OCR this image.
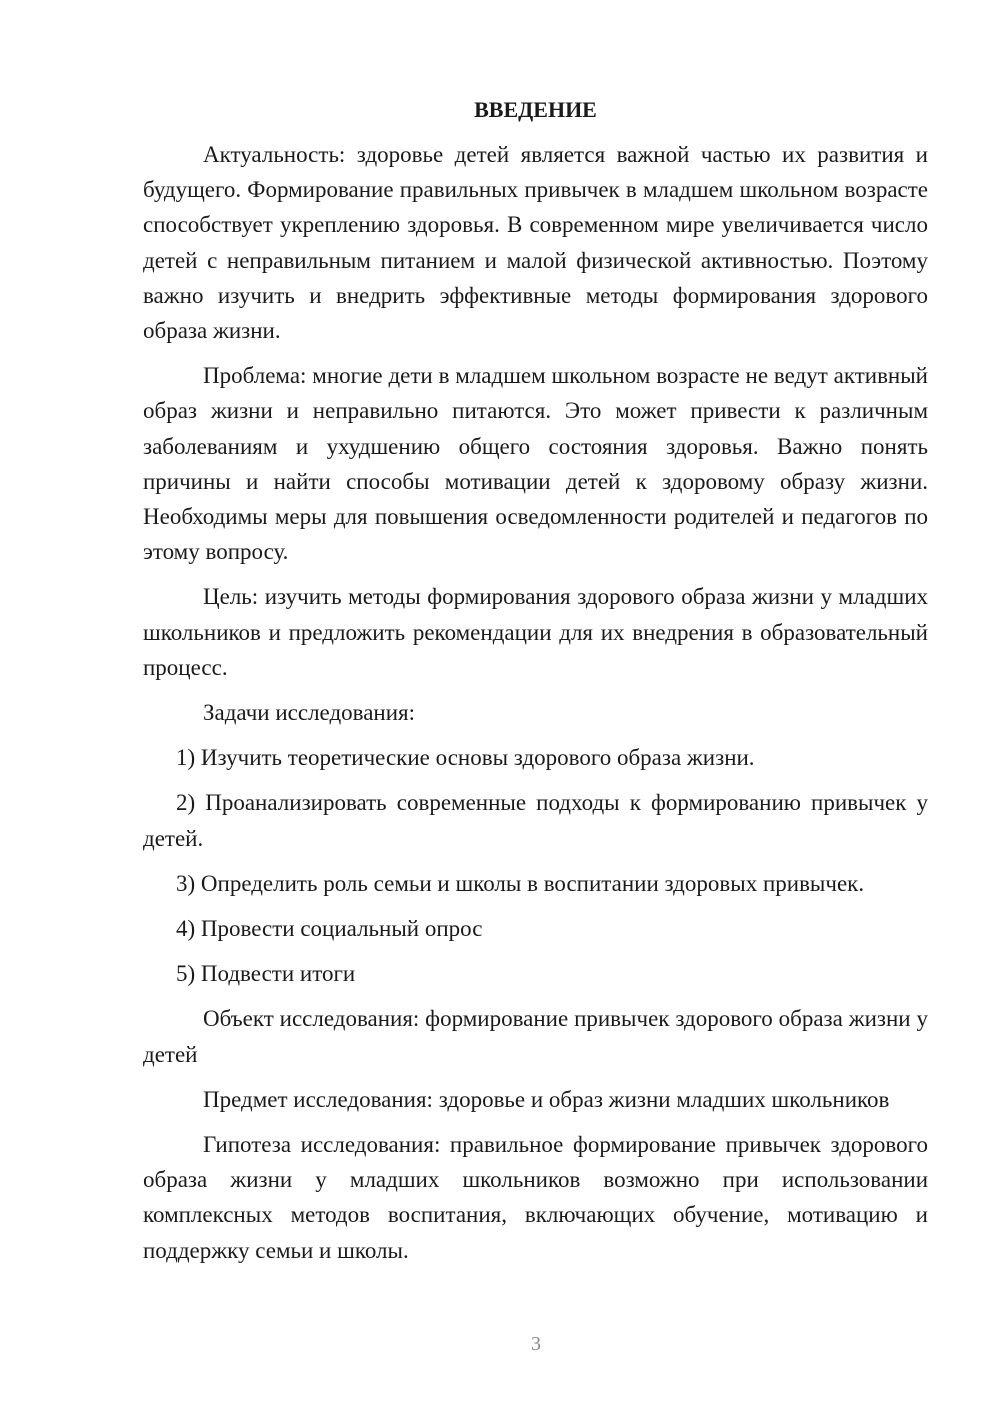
ВВЕДЕНИЕ

Актуальность: здоровье детей является важной частью их развития и будущего. Формирование правильных привычек в младшем школьном возрасте способствует укреплению здоровья. В современном мире увеличивается число детей с неправильным питанием и малой физической активностью. Поэтому важно изучить и внедрить эффективные методы формирования здорового образа жизни.

Проблема: многие дети в младшем школьном возрасте не ведут активный образ жизни и неправильно питаются. Это может привести к различным заболеваниям и ухудшению общего состояния здоровья. Важно понять причины и найти способы мотивации детей к здоровому образу жизни. Необходимы меры для повышения осведомленности родителей и педагогов по этому вопросу.

Цель: изучить методы формирования здорового образа жизни у младших школьников и предложить рекомендации для их внедрения в образовательный процесс.

Задачи исследования:

1) Изучить теоретические основы здорового образа жизни.

2) Проанализировать современные подходы к формированию привычек у детей.

3) Определить роль семьи и школы в воспитании здоровых привычек.

4) Провести социальный опрос

5) Подвести итоги

Объект исследования: формирование привычек здорового образа жизни у детей

Предмет исследования: здоровье и образ жизни младших школьников

Гипотеза исследования: правильное формирование привычек здорового образа жизни у младших школьников возможно при использовании комплексных методов воспитания, включающих обучение, мотивацию и поддержку семьи и школы.

3
